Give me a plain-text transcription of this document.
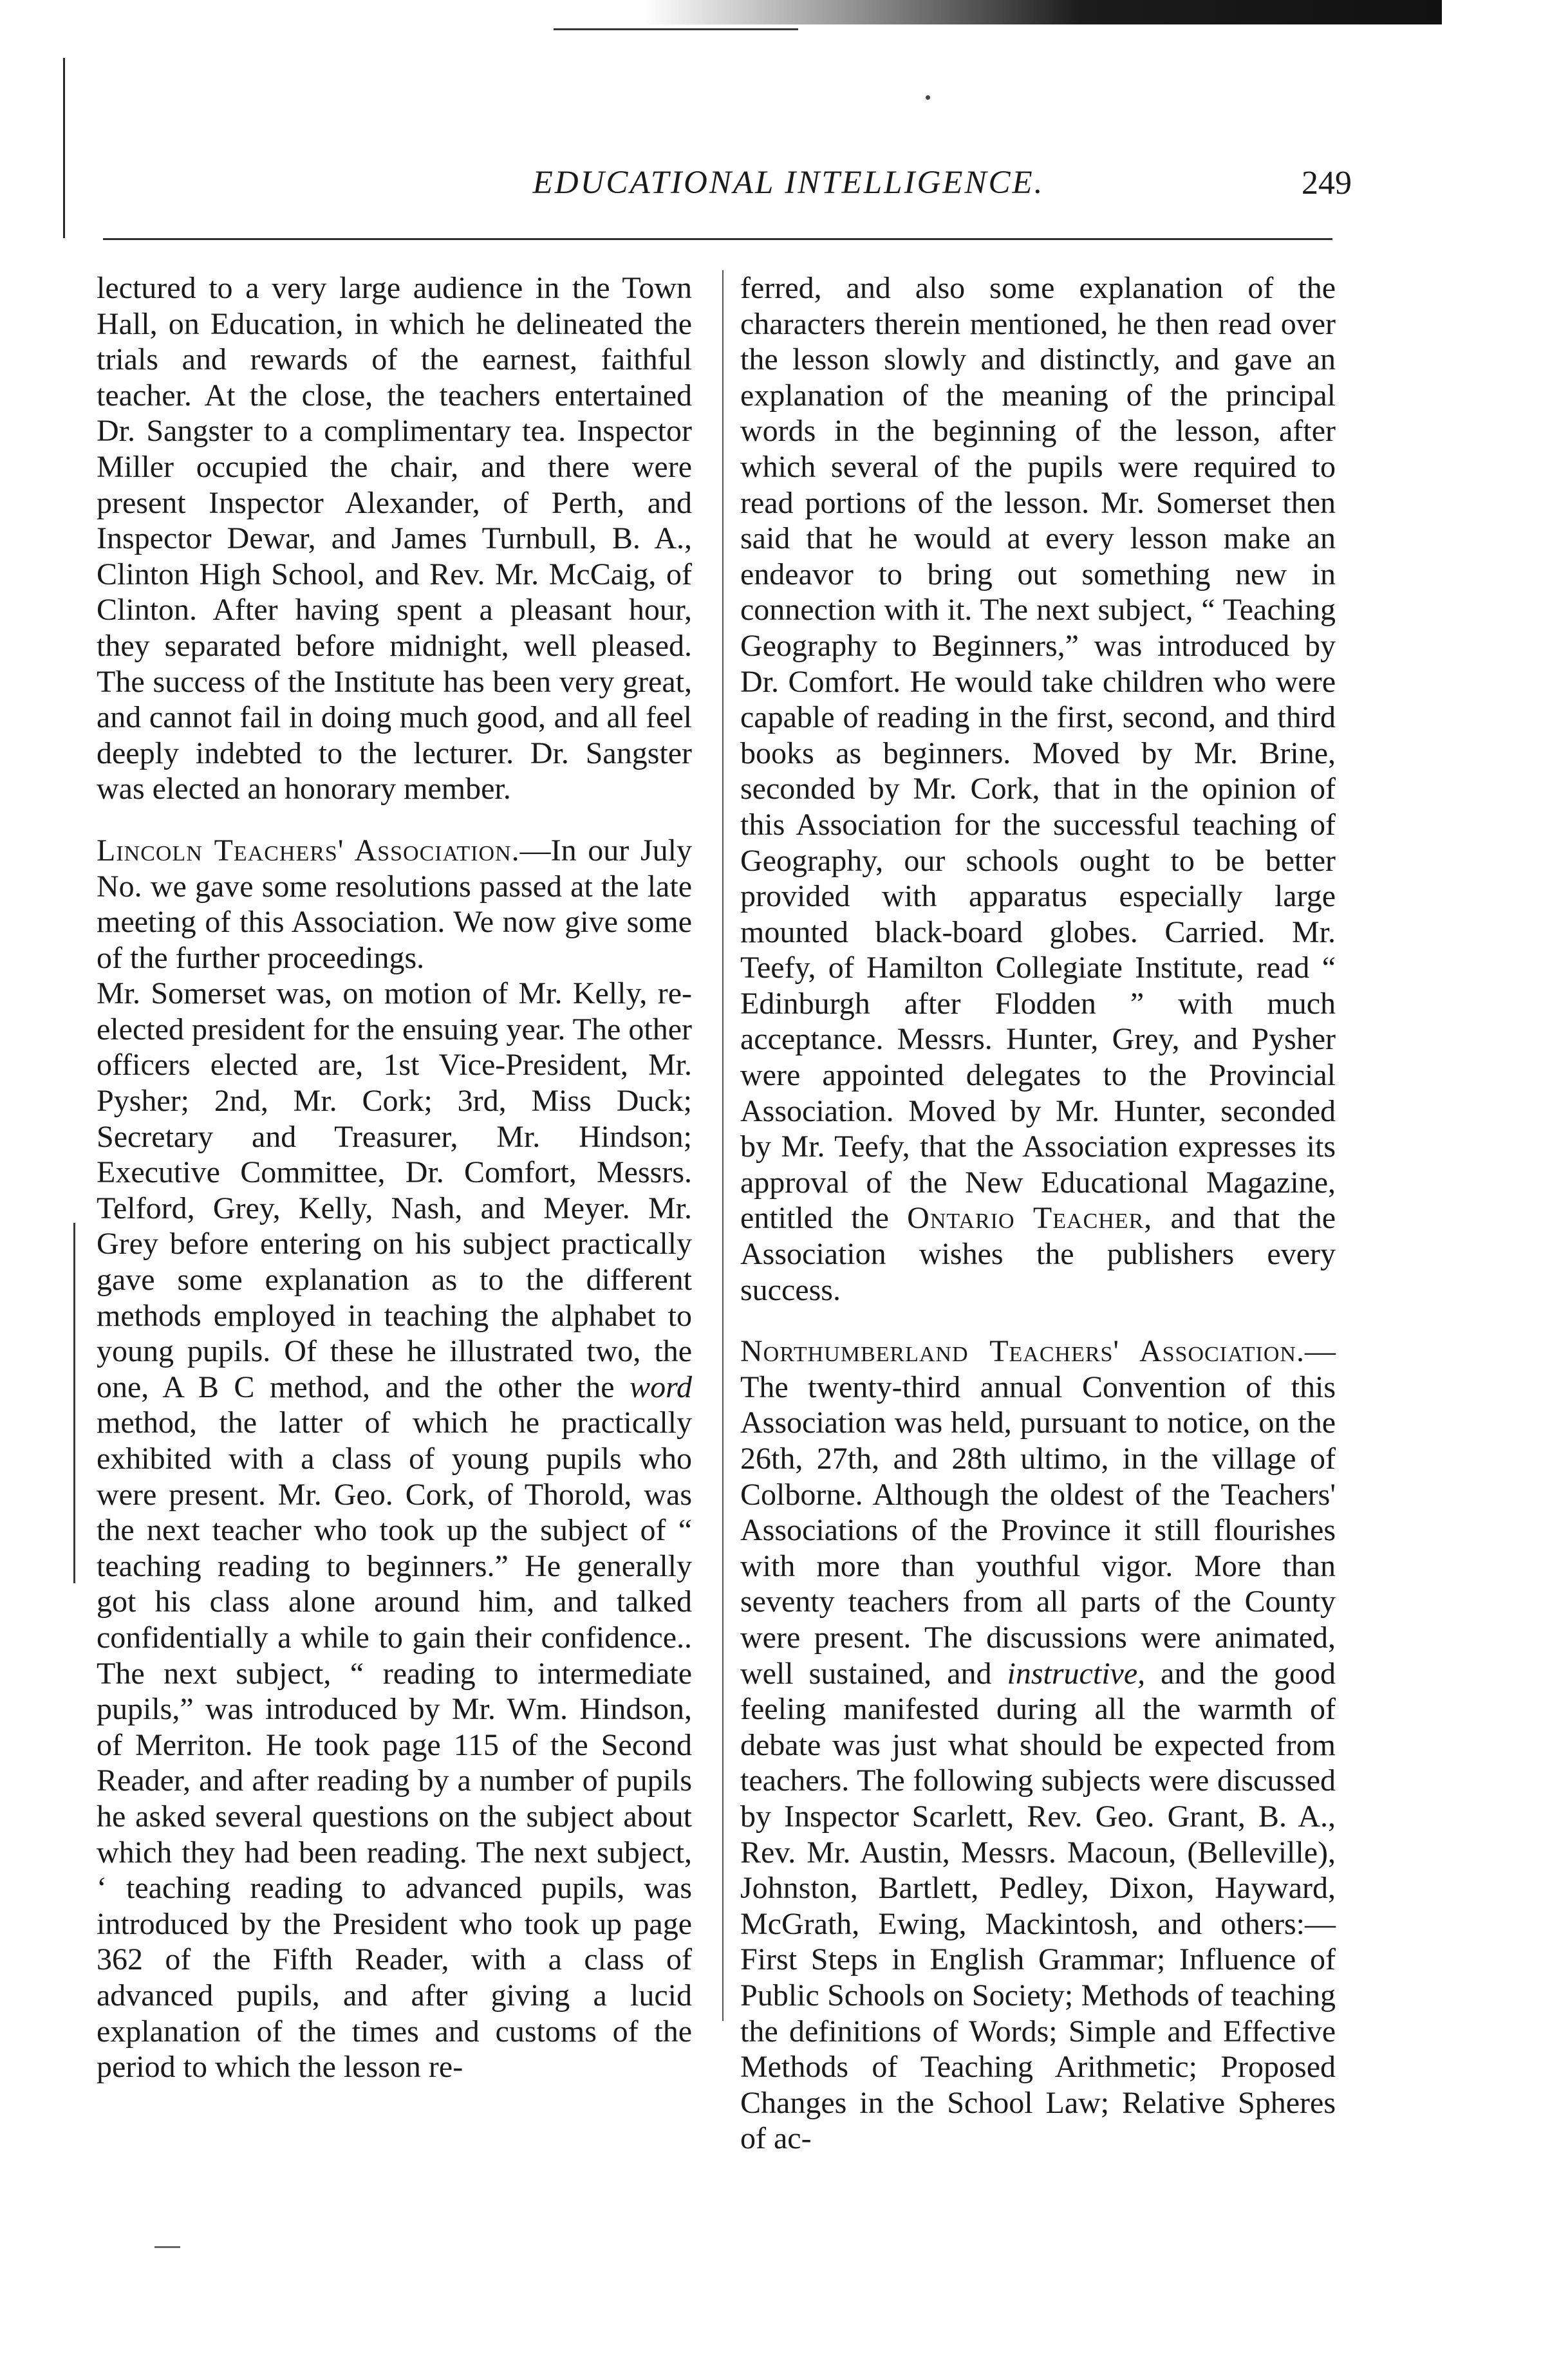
EDUCATIONAL INTELLIGENCE.	249

lectured to a very large audience in the Town Hall, on Education, in which he delineated the trials and rewards of the earnest, faithful teacher. At the close, the teachers entertained Dr. Sangster to a complimentary tea. Inspector Miller occupied the chair, and there were present Inspector Alexander, of Perth, and Inspector Dewar, and James Turnbull, B. A., Clinton High School, and Rev. Mr. McCaig, of Clinton. After having spent a pleasant hour, they separated before midnight, well pleased. The success of the Institute has been very great, and cannot fail in doing much good, and all feel deeply indebted to the lecturer. Dr. Sangster was elected an honorary member.

Lincoln Teachers' Association.—In our July No. we gave some resolutions passed at the late meeting of this Association. We now give some of the further proceedings.

Mr. Somerset was, on motion of Mr. Kelly, re-elected president for the ensuing year. The other officers elected are, 1st Vice-President, Mr. Pysher; 2nd, Mr. Cork; 3rd, Miss Duck; Secretary and Treasurer, Mr. Hindson; Executive Committee, Dr. Comfort, Messrs. Telford, Grey, Kelly, Nash, and Meyer. Mr. Grey before entering on his subject practically gave some explanation as to the different methods employed in teaching the alphabet to young pupils. Of these he illustrated two, the one, A B C method, and the other the word method, the latter of which he practically exhibited with a class of young pupils who were present. Mr. Geo. Cork, of Thorold, was the next teacher who took up the subject of “ teaching reading to beginners.” He generally got his class alone around him, and talked confidentially a while to gain their confidence.. The next subject, “ reading to intermediate pupils,” was introduced by Mr. Wm. Hindson, of Merriton. He took page 115 of the Second Reader, and after reading by a number of pupils he asked several questions on the subject about which they had been reading. The next subject, ‘ teaching reading to advanced pupils, was introduced by the President who took up page 362 of the Fifth Reader, with a class of advanced pupils, and after giving a lucid explanation of the times and customs of the period to which the lesson re-

ferred, and also some explanation of the characters therein mentioned, he then read over the lesson slowly and distinctly, and gave an explanation of the meaning of the principal words in the beginning of the lesson, after which several of the pupils were required to read portions of the lesson. Mr. Somerset then said that he would at every lesson make an endeavor to bring out something new in connection with it. The next subject, “ Teaching Geography to Beginners,” was introduced by Dr. Comfort. He would take children who were capable of reading in the first, second, and third books as beginners. Moved by Mr. Brine, seconded by Mr. Cork, that in the opinion of this Association for the successful teaching of Geography, our schools ought to be better provided with apparatus especially large mounted black-board globes. Carried. Mr. Teefy, of Hamilton Collegiate Institute, read “ Edinburgh after Flodden ” with much acceptance. Messrs. Hunter, Grey, and Pysher were appointed delegates to the Provincial Association. Moved by Mr. Hunter, seconded by Mr. Teefy, that the Association expresses its approval of the New Educational Magazine, entitled the Ontario Teacher, and that the Association wishes the publishers every success.

Northumberland Teachers' Association.—The twenty-third annual Convention of this Association was held, pursuant to notice, on the 26th, 27th, and 28th ultimo, in the village of Colborne. Although the oldest of the Teachers' Associations of the Province it still flourishes with more than youthful vigor. More than seventy teachers from all parts of the County were present. The discussions were animated, well sustained, and instructive, and the good feeling manifested during all the warmth of debate was just what should be expected from teachers. The following subjects were discussed by Inspector Scarlett, Rev. Geo. Grant, B. A., Rev. Mr. Austin, Messrs. Macoun, (Belleville), Johnston, Bartlett, Pedley, Dixon, Hayward, McGrath, Ewing, Mackintosh, and others:—First Steps in English Grammar; Influence of Public Schools on Society; Methods of teaching the definitions of Words; Simple and Effective Methods of Teaching Arithmetic; Proposed Changes in the School Law; Relative Spheres of ac-
